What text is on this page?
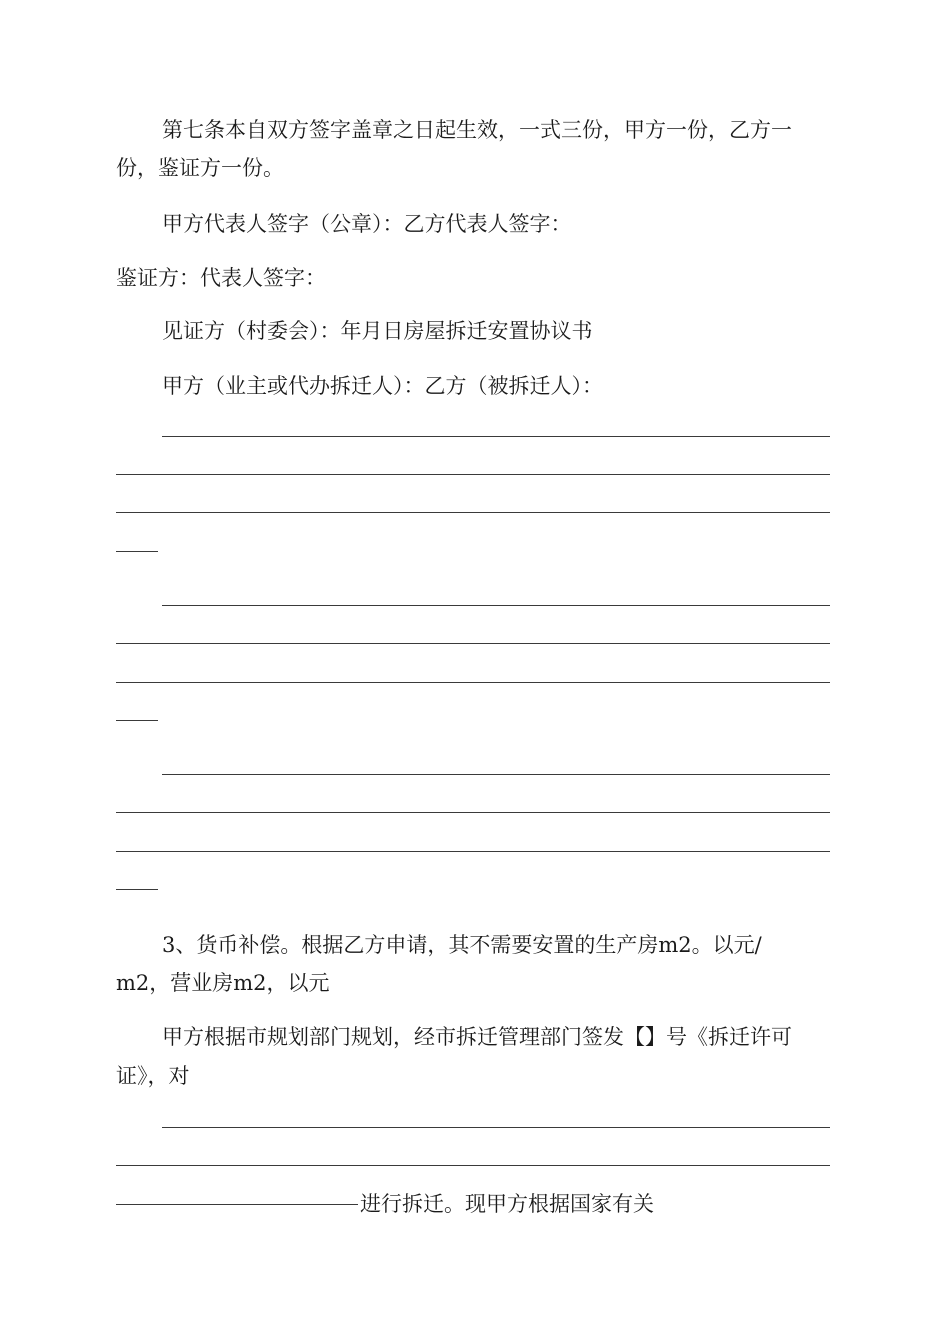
第七条本自双方签字盖章之日起生效，一式三份，甲方一份，乙方一
份，鉴证方一份。
甲方代表人签字（公章）：乙方代表人签字：
鉴证方：代表人签字：
见证方（村委会）：年月日房屋拆迁安置协议书
甲方（业主或代办拆迁人）：乙方（被拆迁人）：
3、货币补偿。根据乙方申请，其不需要安置的生产房m2。以元/
m2，营业房m2，以元
甲方根据市规划部门规划，经市拆迁管理部门签发【】号《拆迁许可
证》，对
进行拆迁。现甲方根据国家有关
